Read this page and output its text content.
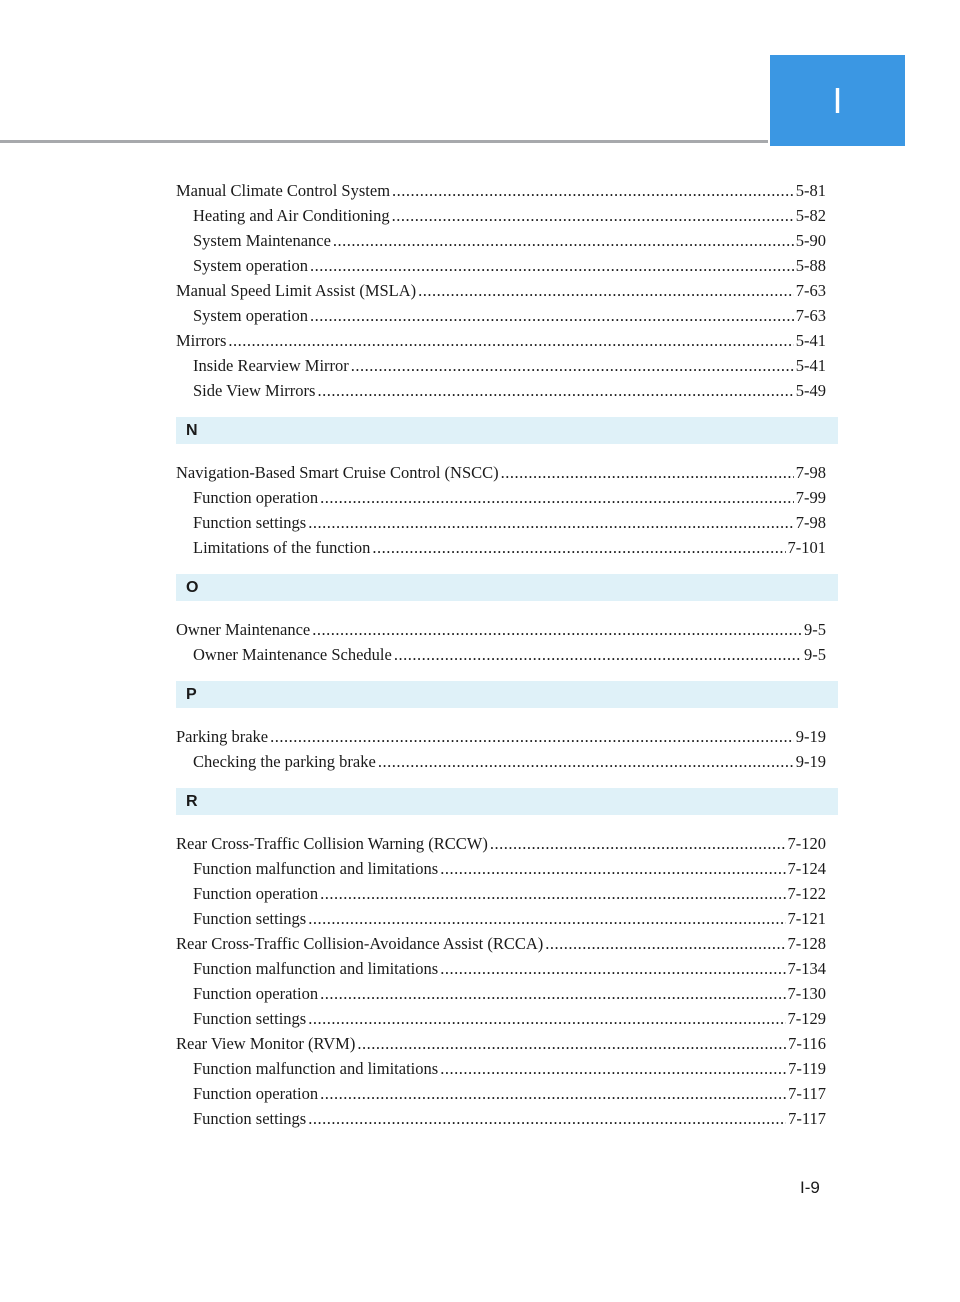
I
Manual Climate Control System .....	5-81
Heating and Air Conditioning .....	5-82
System Maintenance .....	5-90
System operation .....	5-88
Manual Speed Limit Assist (MSLA) .....	7-63
System operation .....	7-63
Mirrors .....	5-41
Inside Rearview Mirror .....	5-41
Side View Mirrors .....	5-49
N
Navigation-Based Smart Cruise Control (NSCC) .....	7-98
Function operation .....	7-99
Function settings .....	7-98
Limitations of the function .....	7-101
O
Owner Maintenance .....	9-5
Owner Maintenance Schedule .....	9-5
P
Parking brake .....	9-19
Checking the parking brake .....	9-19
R
Rear Cross-Traffic Collision Warning (RCCW) .....	7-120
Function malfunction and limitations .....	7-124
Function operation .....	7-122
Function settings .....	7-121
Rear Cross-Traffic Collision-Avoidance Assist (RCCA) .....	7-128
Function malfunction and limitations .....	7-134
Function operation .....	7-130
Function settings .....	7-129
Rear View Monitor (RVM) .....	7-116
Function malfunction and limitations .....	7-119
Function operation .....	7-117
Function settings .....	7-117
I-9
